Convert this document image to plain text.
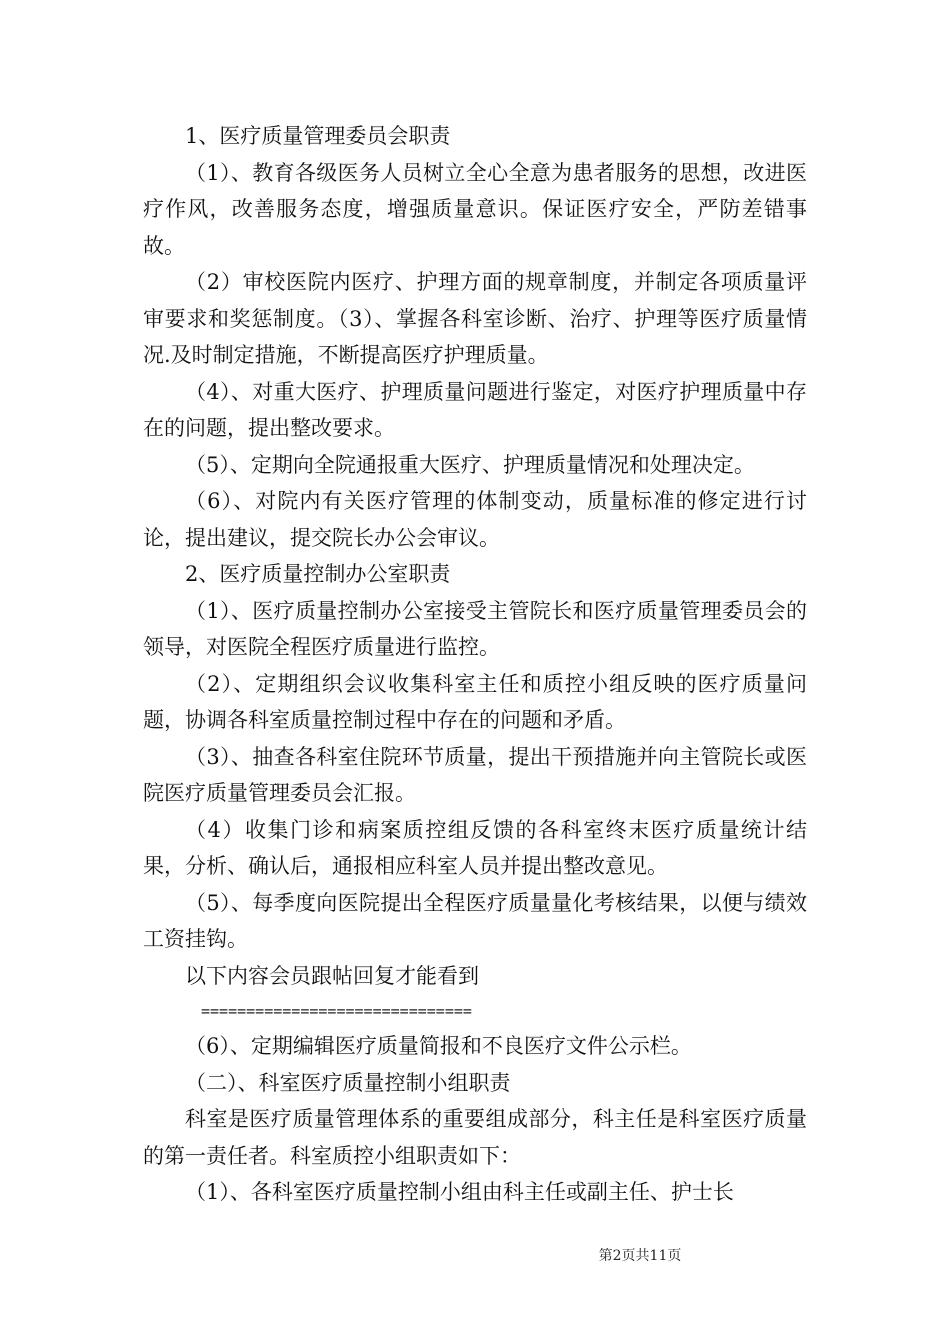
1、医疗质量管理委员会职责

（1）、教育各级医务人员树立全心全意为患者服务的思想，改进医疗作风，改善服务态度，增强质量意识。保证医疗安全，严防差错事故。

（2）审校医院内医疗、护理方面的规章制度，并制定各项质量评审要求和奖惩制度。（3）、掌握各科室诊断、治疗、护理等医疗质量情况.及时制定措施，不断提高医疗护理质量。

（4）、对重大医疗、护理质量问题进行鉴定，对医疗护理质量中存在的问题，提出整改要求。

（5）、定期向全院通报重大医疗、护理质量情况和处理决定。

（6）、对院内有关医疗管理的体制变动，质量标准的修定进行讨论，提出建议，提交院长办公会审议。

2、医疗质量控制办公室职责

（1）、医疗质量控制办公室接受主管院长和医疗质量管理委员会的领导，对医院全程医疗质量进行监控。

（2）、定期组织会议收集科室主任和质控小组反映的医疗质量问题，协调各科室质量控制过程中存在的问题和矛盾。

（3）、抽查各科室住院环节质量，提出干预措施并向主管院长或医院医疗质量管理委员会汇报。

（4）收集门诊和病案质控组反馈的各科室终末医疗质量统计结果，分析、确认后，通报相应科室人员并提出整改意见。

（5）、每季度向医院提出全程医疗质量量化考核结果，以便与绩效工资挂钩。

以下内容会员跟帖回复才能看到

==============================

（6）、定期编辑医疗质量简报和不良医疗文件公示栏。

（二）、科室医疗质量控制小组职责

科室是医疗质量管理体系的重要组成部分，科主任是科室医疗质量的第一责任者。科室质控小组职责如下：

（1）、各科室医疗质量控制小组由科主任或副主任、护士长

第2页共11页
